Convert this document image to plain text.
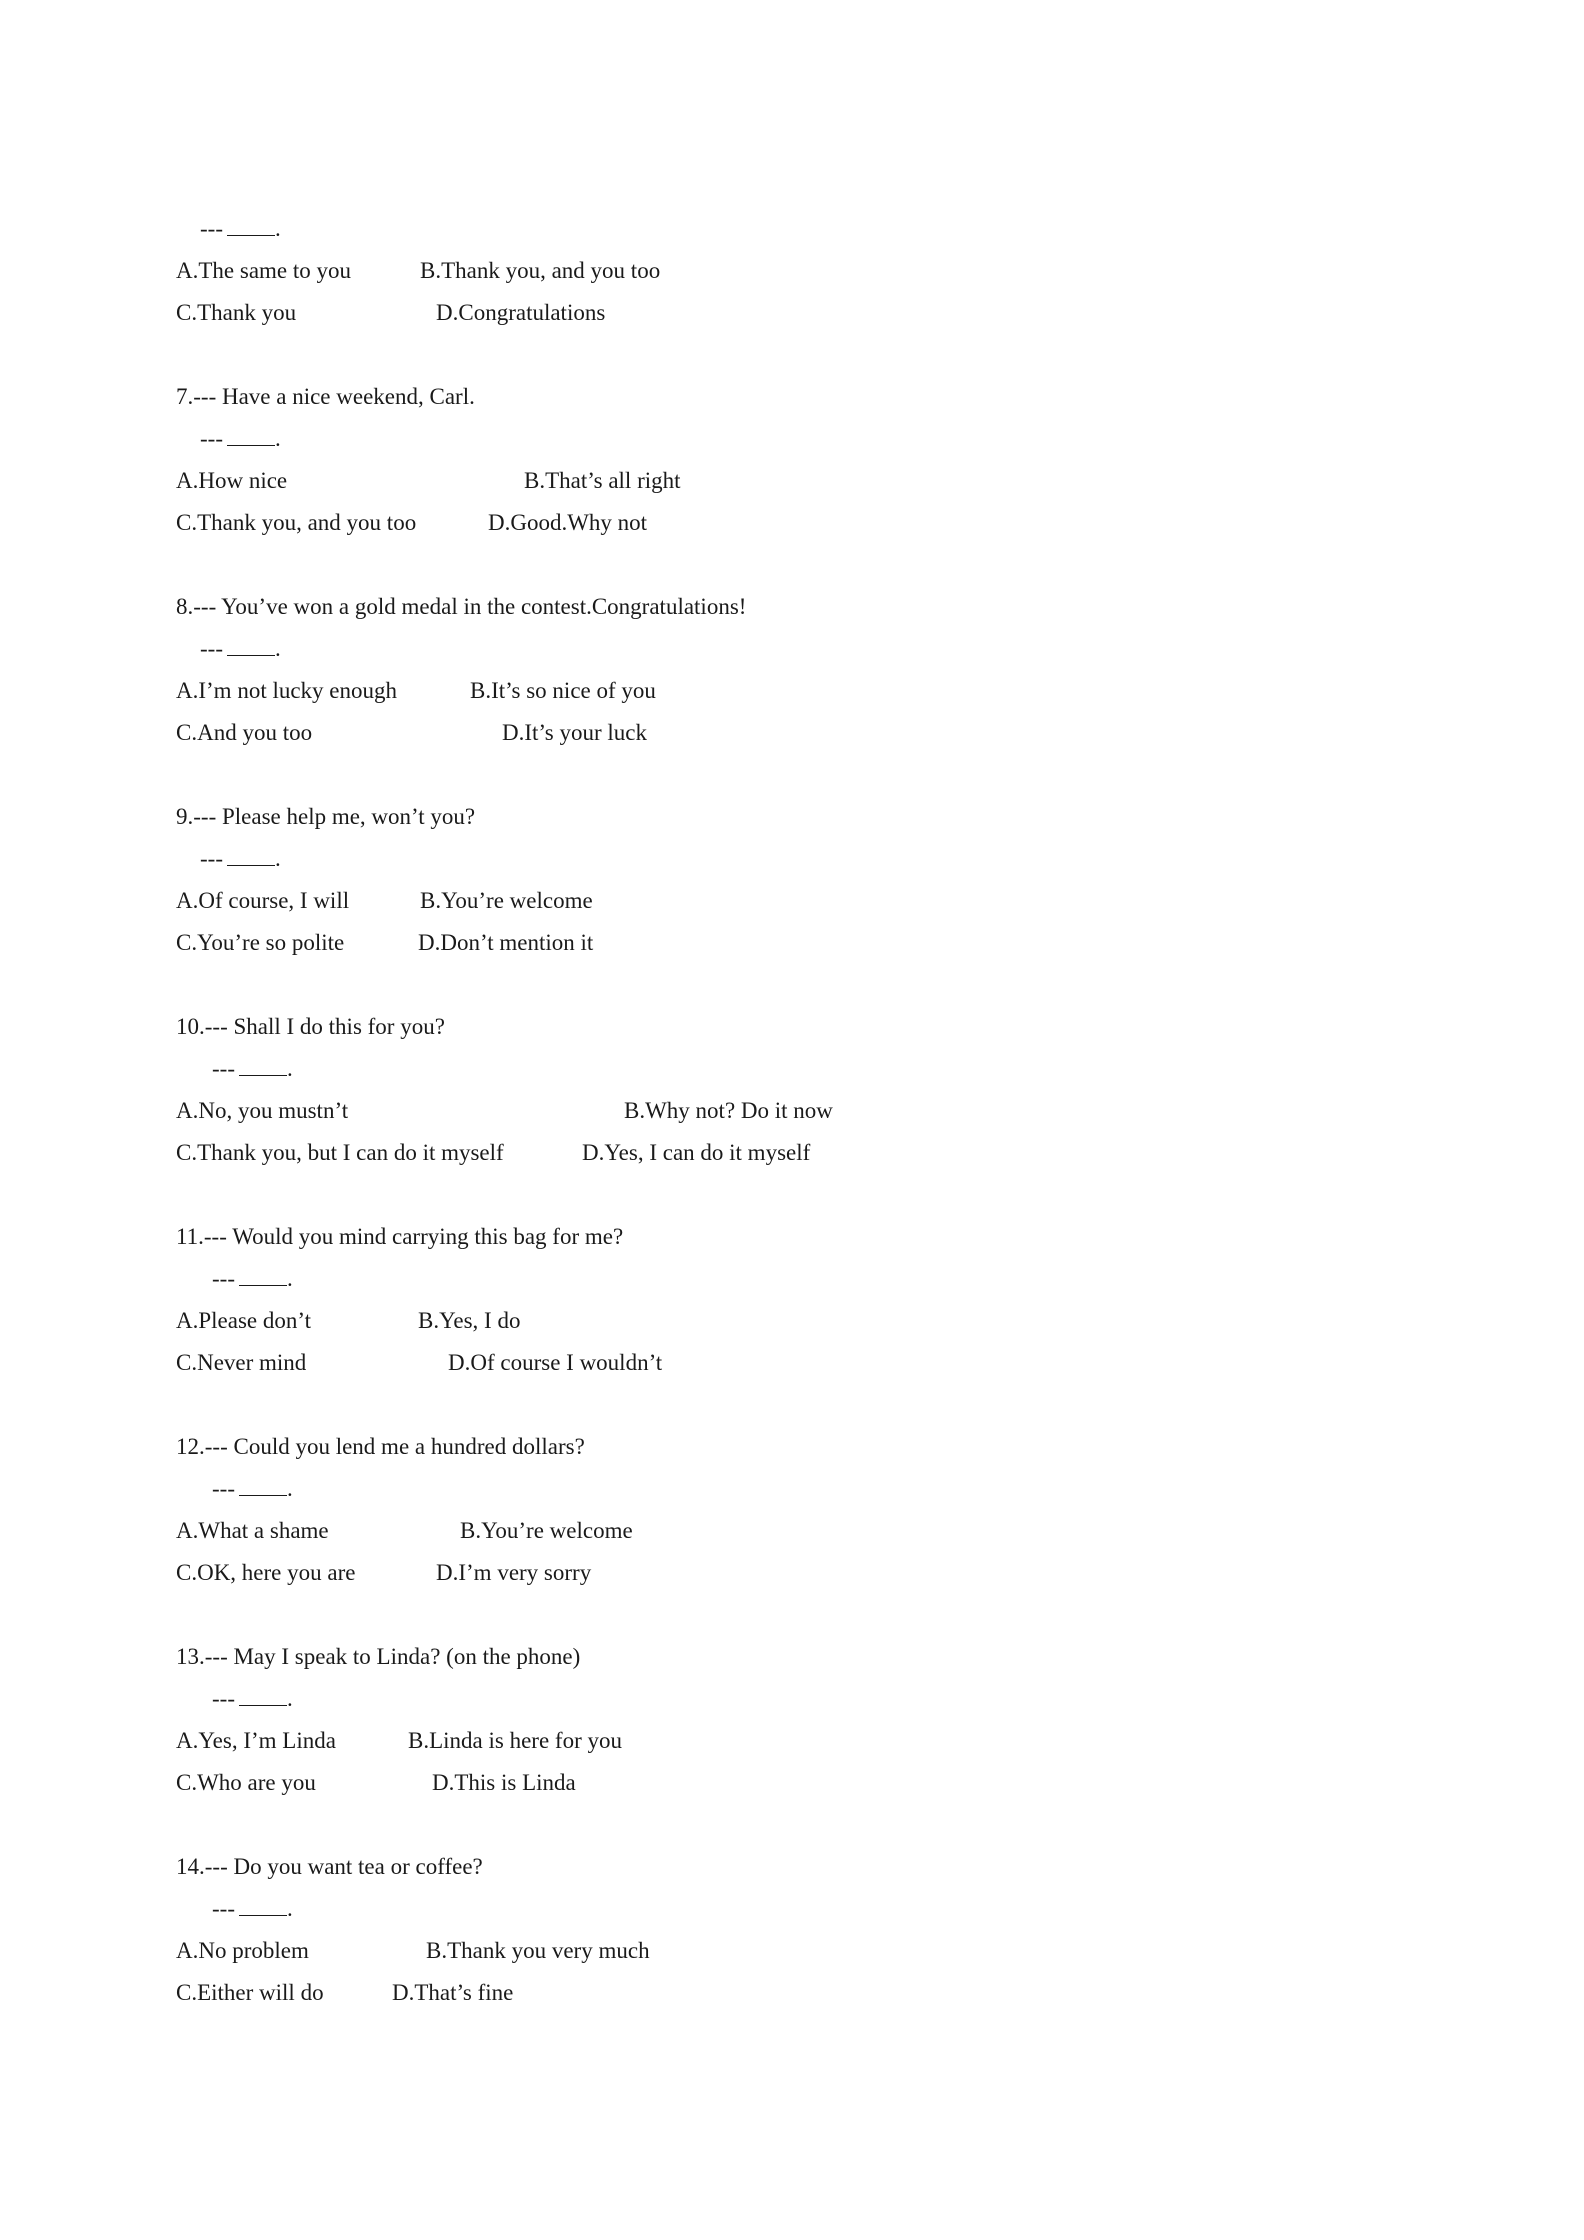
--- .
A.The same to you	B.Thank you, and you too
C.Thank you	D.Congratulations
7.--- Have a nice weekend, Carl.
--- .
A.How nice	B.That’s all right
C.Thank you, and you too	D.Good.Why not
8.--- You’ve won a gold medal in the contest.Congratulations!
--- .
A.I’m not lucky enough	B.It’s so nice of you
C.And you too	D.It’s your luck
9.--- Please help me, won’t you?
--- .
A.Of course, I will	B.You’re welcome
C.You’re so polite	D.Don’t mention it
10.--- Shall I do this for you?
--- .
A.No, you mustn’t	B.Why not? Do it now
C.Thank you, but I can do it myself	D.Yes, I can do it myself
11.--- Would you mind carrying this bag for me?
--- .
A.Please don’t	B.Yes, I do
C.Never mind	D.Of course I wouldn’t
12.--- Could you lend me a hundred dollars?
--- .
A.What a shame	B.You’re welcome
C.OK, here you are	D.I’m very sorry
13.--- May I speak to Linda? (on the phone)
--- .
A.Yes, I’m Linda	B.Linda is here for you
C.Who are you	D.This is Linda
14.--- Do you want tea or coffee?
--- .
A.No problem	B.Thank you very much
C.Either will do	D.That’s fine
